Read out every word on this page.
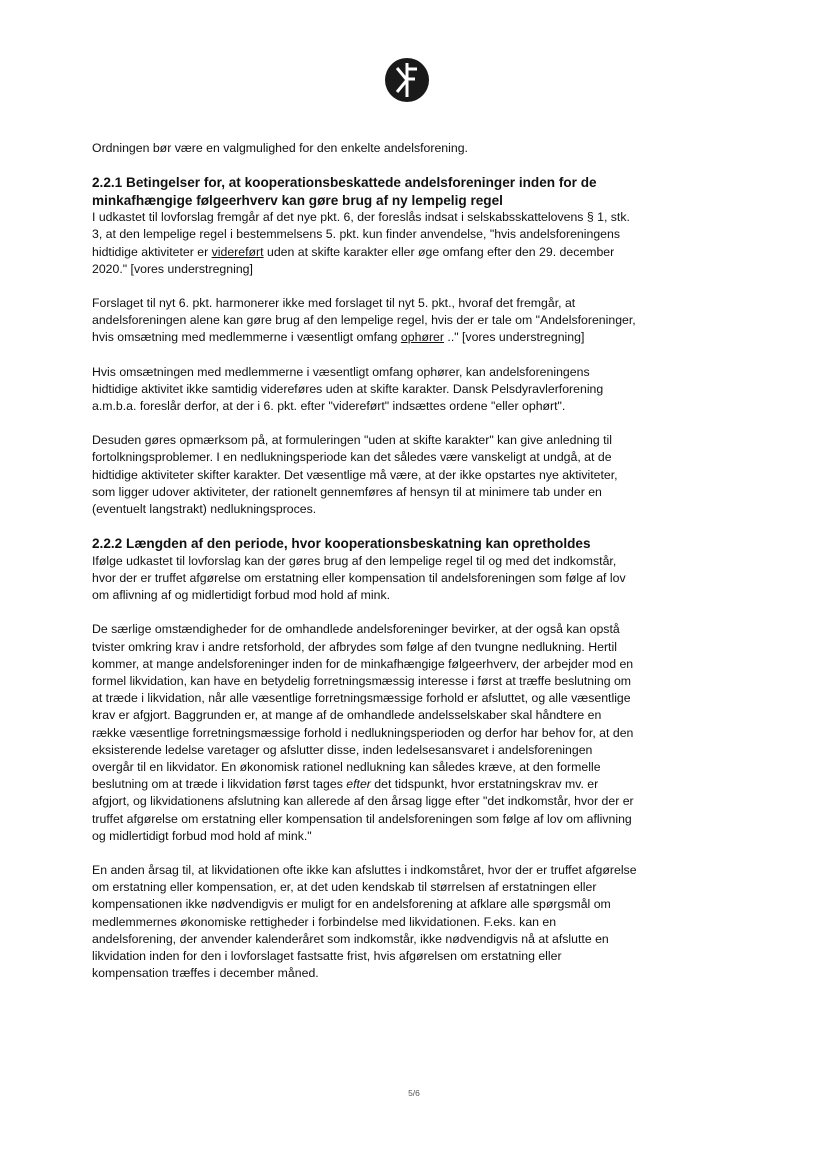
Ordningen bør være en valgmulighed for den enkelte andelsforening.

2.2.1 Betingelser for, at kooperationsbeskattede andelsforeninger inden for de minkafhængige følgeerhverv kan gøre brug af ny lempelig regel

I udkastet til lovforslag fremgår af det nye pkt. 6, der foreslås indsat i selskabsskattelovens § 1, stk. 3, at den lempelige regel i bestemmelsens 5. pkt. kun finder anvendelse, "hvis andelsforeningens hidtidige aktiviteter er videreført uden at skifte karakter eller øge omfang efter den 29. december 2020." [vores understregning]

Forslaget til nyt 6. pkt. harmonerer ikke med forslaget til nyt 5. pkt., hvoraf det fremgår, at andelsforeningen alene kan gøre brug af den lempelige regel, hvis der er tale om "Andelsforeninger, hvis omsætning med medlemmerne i væsentligt omfang ophører .." [vores understregning]

Hvis omsætningen med medlemmerne i væsentligt omfang ophører, kan andelsforeningens hidtidige aktivitet ikke samtidig videreføres uden at skifte karakter. Dansk Pelsdyravlerforening a.m.b.a. foreslår derfor, at der i 6. pkt. efter "videreført" indsættes ordene "eller ophørt".

Desuden gøres opmærksom på, at formuleringen "uden at skifte karakter" kan give anledning til fortolkningsproblemer. I en nedlukningsperiode kan det således være vanskeligt at undgå, at de hidtidige aktiviteter skifter karakter. Det væsentlige må være, at der ikke opstartes nye aktiviteter, som ligger udover aktiviteter, der rationelt gennemføres af hensyn til at minimere tab under en (eventuelt langstrakt) nedlukningsproces.

2.2.2 Længden af den periode, hvor kooperationsbeskatning kan opretholdes

Ifølge udkastet til lovforslag kan der gøres brug af den lempelige regel til og med det indkomstår, hvor der er truffet afgørelse om erstatning eller kompensation til andelsforeningen som følge af lov om aflivning af og midlertidigt forbud mod hold af mink.

De særlige omstændigheder for de omhandlede andelsforeninger bevirker, at der også kan opstå tvister omkring krav i andre retsforhold, der afbrydes som følge af den tvungne nedlukning. Hertil kommer, at mange andelsforeninger inden for de minkafhængige følgeerhverv, der arbejder mod en formel likvidation, kan have en betydelig forretningsmæssig interesse i først at træffe beslutning om at træde i likvidation, når alle væsentlige forretningsmæssige forhold er afsluttet, og alle væsentlige krav er afgjort. Baggrunden er, at mange af de omhandlede andelsselskaber skal håndtere en række væsentlige forretningsmæssige forhold i nedlukningsperioden og derfor har behov for, at den eksisterende ledelse varetager og afslutter disse, inden ledelsesansvaret i andelsforeningen overgår til en likvidator. En økonomisk rationel nedlukning kan således kræve, at den formelle beslutning om at træde i likvidation først tages efter det tidspunkt, hvor erstatningskrav mv. er afgjort, og likvidationens afslutning kan allerede af den årsag ligge efter "det indkomstår, hvor der er truffet afgørelse om erstatning eller kompensation til andelsforeningen som følge af lov om aflivning og midlertidigt forbud mod hold af mink."

En anden årsag til, at likvidationen ofte ikke kan afsluttes i indkomståret, hvor der er truffet afgørelse om erstatning eller kompensation, er, at det uden kendskab til størrelsen af erstatningen eller kompensationen ikke nødvendigvis er muligt for en andelsforening at afklare alle spørgsmål om medlemmernes økonomiske rettigheder i forbindelse med likvidationen. F.eks. kan en andelsforening, der anvender kalenderåret som indkomstår, ikke nødvendigvis nå at afslutte en likvidation inden for den i lovforslaget fastsatte frist, hvis afgørelsen om erstatning eller kompensation træffes i december måned.

5/6
